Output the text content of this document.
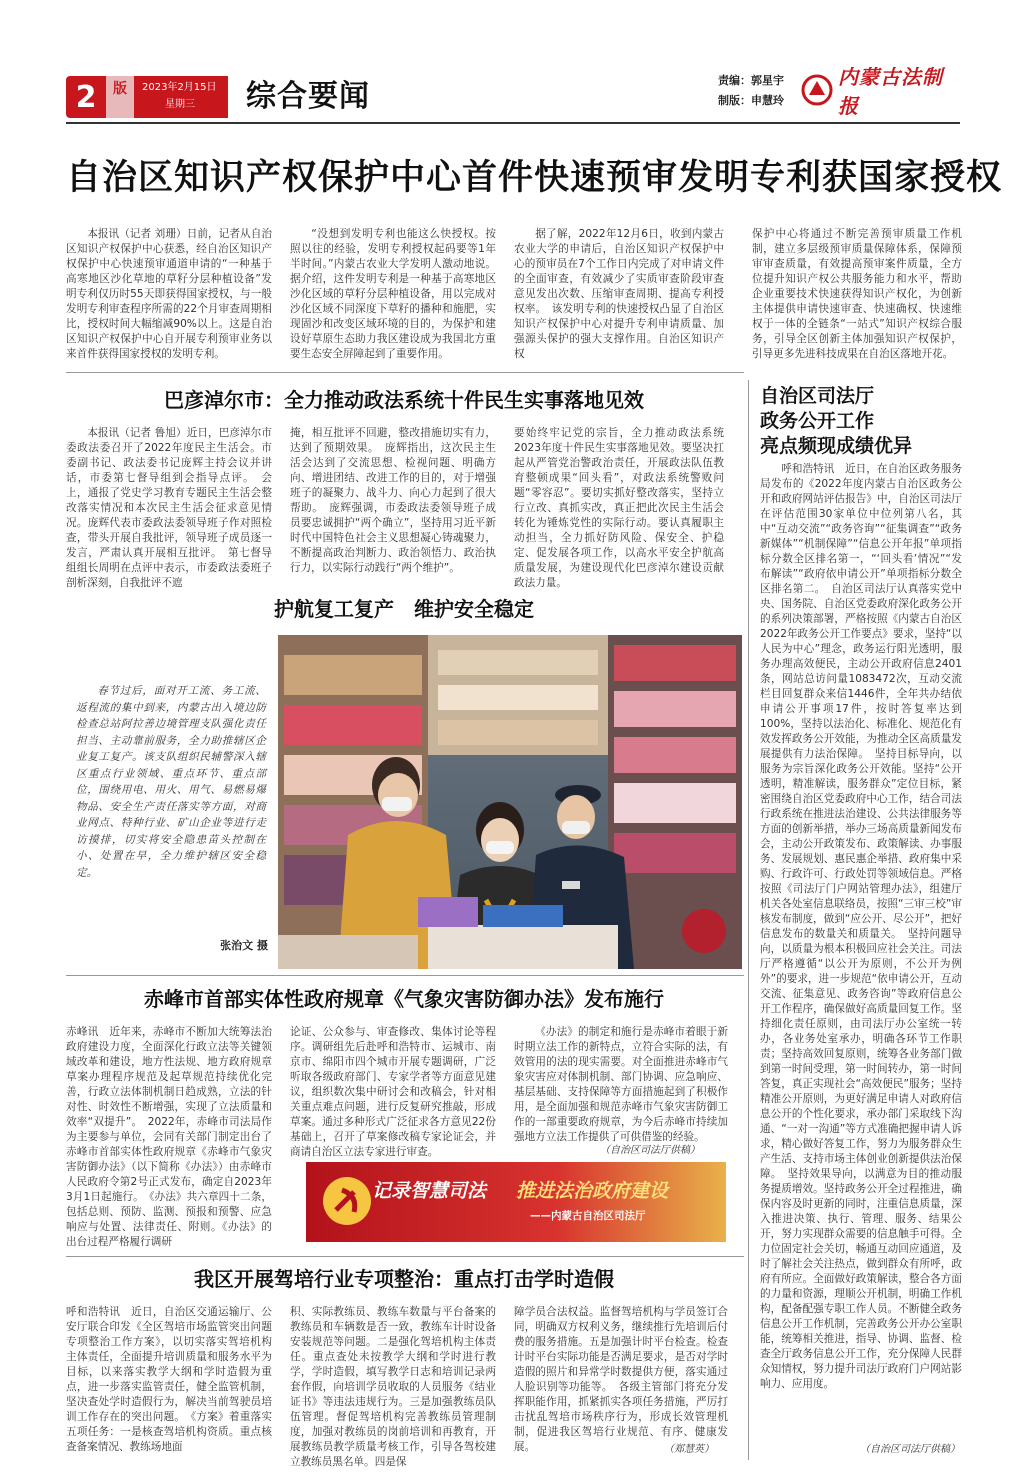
2 版 2023年2月15日
星期三	综合要闻	责编：郭星宇
制版：申慧玲
内蒙古法制报
自治区知识产权保护中心首件快速预审发明专利获国家授权
本报讯（记者 刘珊）日前，记者从自治区知识产权保护中心获悉，经自治区知识产权保护中心快速预审通道申请的“一种基于高寒地区沙化草地的草籽分层种植设备”发明专利仅历时55天即获得国家授权，与一般发明专利审查程序所需的22个月审查周期相比，授权时间大幅缩减90%以上。这是自治区知识产权保护中心自开展专利预审业务以来首件获得国家授权的发明专利。
“没想到发明专利也能这么快授权。按照以往的经验，发明专利授权起码要等1年半时间。”内蒙古农业大学发明人激动地说。据介绍，这件发明专利是一种基于高寒地区沙化区域的草籽分层种植设备，用以完成对沙化区域不同深度下草籽的播种和施肥，实现固沙和改变区域环境的目的，为保护和建设好草原生态助力我区建设成为我国北方重要生态安全屏障起到了重要作用。
据了解，2022年12月6日，收到内蒙古农业大学的申请后，自治区知识产权保护中心的预审员在7个工作日内完成了对申请文件的全面审查，有效减少了实质审查阶段审查意见发出次数、压缩审查周期、提高专利授权率。　该发明专利的快速授权凸显了自治区知识产权保护中心对提升专利申请质量、加强源头保护的强大支撑作用。自治区知识产权
保护中心将通过不断完善预审质量工作机制，建立多层级预审质量保障体系，保障预审审查质量，有效提高预审案件质量，全方位提升知识产权公共服务能力和水平，帮助企业重要技术快速获得知识产权化，为创新主体提供申请快速审查、快速确权、快速维权于一体的全链条“一站式”知识产权综合服务，引导全区创新主体加强知识产权保护，引导更多先进科技成果在自治区落地开花。
巴彦淖尔市：全力推动政法系统十件民生实事落地见效
本报讯（记者 鲁旭）近日，巴彦淖尔市委政法委召开了2022年度民主生活会。市委副书记、政法委书记庞辉主持会议并讲话，市委第七督导组到会指导点评。　会上，通报了党史学习教育专题民主生活会整改落实情况和本次民主生活会征求意见情况。庞辉代表市委政法委领导班子作对照检查，带头开展自我批评，领导班子成员逐一发言，严肃认真开展相互批评。　第七督导组组长周明在点评中表示，市委政法委班子剖析深刻，自我批评不遮
掩，相互批评不回避，整改措施切实有力，达到了预期效果。　庞辉指出，这次民主生活会达到了交流思想、检视问题、明确方向、增进团结、改进工作的目的，对于增强班子的凝聚力、战斗力、向心力起到了很大帮助。　庞辉强调，市委政法委领导班子成员要忠诚拥护“两个确立”，坚持用习近平新时代中国特色社会主义思想凝心铸魂聚力，不断提高政治判断力、政治领悟力、政治执行力，以实际行动践行“两个维护”。
要始终牢记党的宗旨，全力推动政法系统2023年度十件民生实事落地见效。要坚决扛起从严管党治警政治责任，开展政法队伍教育整顿成果“回头看”，对政法系统警败问题“零容忍”。要切实抓好整改落实，坚持立行立改、真抓实改，真正把此次民主生活会转化为锤炼党性的实际行动。要认真履职主动担当，全力抓好防风险、保安全、护稳定、促发展各项工作，以高水平安全护航高质量发展，为建设现代化巴彦淖尔建设贡献政法力量。
护航复工复产　维护安全稳定
春节过后，面对开工流、务工流、返程流的集中到来，内蒙古出入境边防检查总站阿拉善边境管理支队强化责任担当、主动靠前服务，全力助推辖区企业复工复产。该支队组织民辅警深入辖区重点行业领域、重点环节、重点部位，围绕用电、用火、用气、易燃易爆物品、安全生产责任落实等方面，对商业网点、特种行业、矿山企业等进行走访摸排，切实将安全隐患苗头控制在小、处置在早，全力维护辖区安全稳定。
张治文 摄
赤峰市首部实体性政府规章《气象灾害防御办法》发布施行
赤峰讯　近年来，赤峰市不断加大统筹法治政府建设力度，全面深化行政立法等关键领域改革和建设，地方性法规、地方政府规章草案办理程序规范及起草规范持续优化完善，行政立法体制机制日趋成熟，立法的针对性、时效性不断增强，实现了立法质量和效率“双提升”。　2022年，赤峰市司法局作为主要参与单位，会同有关部门制定出台了赤峰市首部实体性政府规章《赤峰市气象灾害防御办法》（以下简称《办法》）由赤峰市人民政府令第2号正式发布，确定自2023年3月1日起施行。　《办法》共六章四十二条，包括总则、预防、监测、预报和预警、应急响应与处置、法律责任、附则。《办法》的出台过程严格履行调研
论证、公众参与、审查修改、集体讨论等程序。调研组先后赴呼和浩特市、运城市、南京市、绵阳市四个城市开展专题调研，广泛听取各级政府部门、专家学者等方面意见建议，组织数次集中研讨会和改稿会，针对相关重点难点问题，进行反复研究推敲，形成草案。通过多种形式广泛征求各方意见22份基础上，召开了草案修改稿专家论证会，并商请自治区立法专家进行审查。
《办法》的制定和施行是赤峰市着眼于新时期立法工作的新特点，立符合实际的法，有效管用的法的现实需要。对全面推进赤峰市气象灾害应对体制机制、部门协调、应急响应、基层基础、支持保障等方面措施起到了积极作用，是全面加强和规范赤峰市气象灾害防御工作的一部重要政府规章，为今后赤峰市持续加强地方立法工作提供了可供借鉴的经验。
（自治区司法厅供稿）
记录智慧司法 推进法治政府建设
——内蒙古自治区司法厅
我区开展驾培行业专项整治：重点打击学时造假
呼和浩特讯　近日，自治区交通运输厅、公安厅联合印发《全区驾培市场监管突出问题专项整治工作方案》，以切实落实驾培机构主体责任，全面提升培训质量和服务水平为目标，以来落实教学大纲和学时造假为重点，进一步落实监管责任，健全监管机制，坚决查处学时造假行为，解决当前驾驶员培训工作存在的突出问题。　《方案》着重落实五项任务：一是核查驾培机构资质。重点核查备案情况、教练场地面
积、实际教练员、教练车数量与平台备案的教练员和车辆数是否一致，教练车计时设备安装规范等问题。二是强化驾培机构主体责任。重点查处未按教学大纲和学时进行教学，学时造假，填写教学日志和培训记录两套作假，向培训学员收取的人员服务《结业证书》等违法违规行为。三是加强教练员队伍管理。督促驾培机构完善教练员管理制度，加强对教练员的岗前培训和再教育，开展教练员教学质量考核工作，引导各驾校建立教练员黑名单。四是保
障学员合法权益。监督驾培机构与学员签订合同，明确双方权利义务，继续推行先培训后付费的服务措施。五是加强计时平台检查。检查计时平台实际功能是否满足要求，是否对学时造假的照片和异常学时数提供方便，落实通过人脸识别等功能等。　各级主管部门将充分发挥职能作用，抓紧抓实各项任务措施，严厉打击扰乱驾培市场秩序行为，形成长效管理机制，促进我区驾培行业规范、有序、健康发展。	（郑慧英）
自治区司法厅
政务公开工作
亮点频现成绩优异
呼和浩特讯　近日，在自治区政务服务局发布的《2022年度内蒙古自治区政务公开和政府网站评估报告》中，自治区司法厅在评估范围30家单位中位列第八名，其中“互动交流”“政务咨询”“征集调查”“政务新媒体”“机制保障”“信息公开年报”单项指标分数全区排名第一，“‘回头看’情况”“发布解读”“政府依申请公开”单项指标分数全区排名第二。　自治区司法厅认真落实党中央、国务院、自治区党委政府深化政务公开的系列决策部署，严格按照《内蒙古自治区2022年政务公开工作要点》要求，坚持“以人民为中心”理念，政务运行阳光透明，服务办理高效便民，主动公开政府信息2401条，网站总访问量1083472次，互动交流栏目回复群众来信1446件，全年共办结依申请公开事项17件，按时答复率达到100%，坚持以法治化、标准化、规范化有效发挥政务公开效能，为推动全区高质量发展提供有力法治保障。　坚持目标导向，以服务为宗旨深化政务公开效能。坚持“公开透明，精准解读，服务群众”定位目标，紧密围绕自治区党委政府中心工作，结合司法行政系统在推进法治建设、公共法律服务等方面的创新举措，举办三场高质量新闻发布会，主动公开政策发布、政策解读、办事服务、发展规划、惠民惠企举措、政府集中采购、行政许可、行政处罚等领域信息。严格按照《司法厅门户网站管理办法》，组建厅机关各处室信息联络员，按照“三审三校”审核发布制度，做到“应公开、尽公开”，把好信息发布的数量关和质量关。　坚持问题导向，以质量为根本积极回应社会关注。司法厅严格遵循“以公开为原则，不公开为例外”的要求，进一步规范“依申请公开，互动交流、征集意见、政务咨询”等政府信息公开工作程序，确保做好高质量回复工作。坚持细化责任原则，由司法厅办公室统一转办，各业务处室承办，明确各环节工作职责；坚持高效回复原则，统筹各业务部门做到第一时间受理，第一时间转办，第一时间答复，真正实现社会“高效便民”服务；坚持精准公开原则，为更好满足申请人对政府信息公开的个性化要求，承办部门采取线下沟通、“一对一沟通”等方式准确把握申请人诉求，精心做好答复工作，努力为服务群众生产生活、支持市场主体创业创新提供法治保障。　坚持效果导向，以满意为目的推动服务提质增效。坚持政务公开全过程推进，确保内容及时更新的同时，注重信息质量，深入推进决策、执行、管理、服务、结果公开，努力实现群众需要的信息触手可得。全力位固定社会关切，畅通互动回应通道，及时了解社会关注热点，做到群众有所呼，政府有所应。全面做好政策解读，整合各方面的力量和资源，理顺公开机制，明确工作机构，配备配强专职工作人员。不断健全政务信息公开工作机制，完善政务公开办公室职能，统筹相关推进，指导、协调、监督、检查全厅政务信息公开工作，充分保障人民群众知情权，努力提升司法厅政府门户网站影响力、应用度。
（自治区司法厅供稿）
